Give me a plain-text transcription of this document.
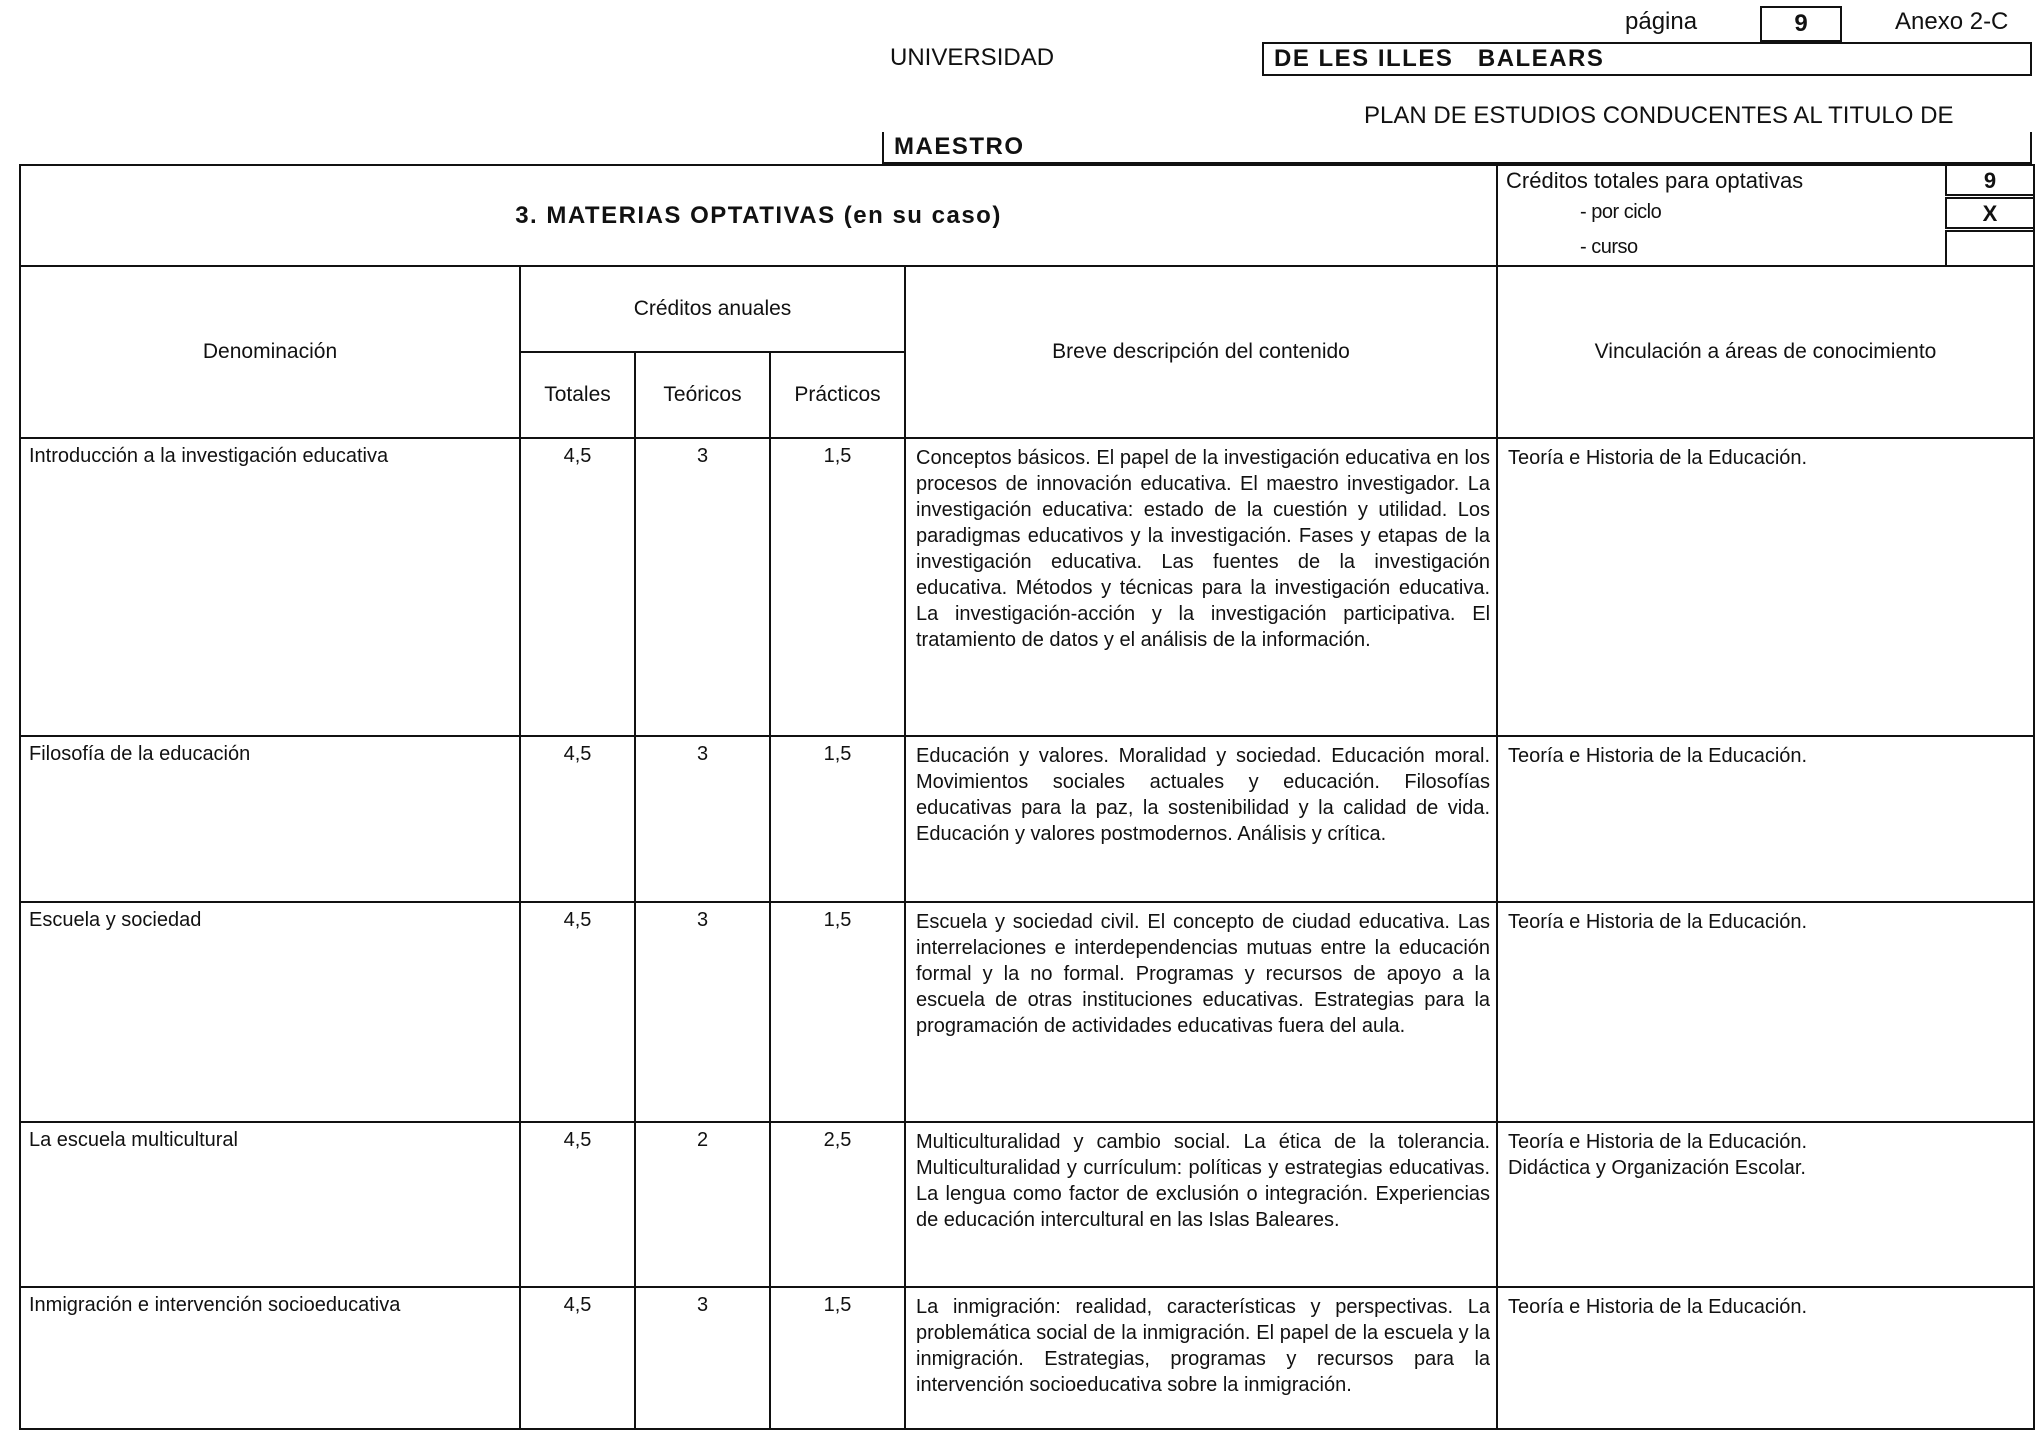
página	9	Anexo 2-C
UNIVERSIDAD	DE LES ILLES   BALEARS
PLAN DE ESTUDIOS CONDUCENTES AL TITULO DE
MAESTRO
3. MATERIAS OPTATIVAS (en su caso)					Créditos totales para optativas 9
- por ciclo X
- curso

Denominación	Créditos anuales			Breve descripción del contenido	Vinculación a áreas de conocimiento
	Totales	Teóricos	Prácticos		
Introducción a la investigación educativa	4,5	3	1,5	Conceptos básicos. El papel de la investigación educativa en los procesos de innovación educativa. El maestro investigador. La investigación educativa: estado de la cuestión y utilidad. Los paradigmas educativos y la investigación. Fases y etapas de la investigación educativa. Las fuentes de la investigación educativa. Métodos y técnicas para la investigación educativa. La investigación-acción y la investigación participativa. El tratamiento de datos y el análisis de la información.	Teoría e Historia de la Educación.

Filosofía de la educación	4,5	3	1,5	Educación y valores. Moralidad y sociedad. Educación moral. Movimientos sociales actuales y educación. Filosofías educativas para la paz, la sostenibilidad y la calidad de vida. Educación y valores postmodernos. Análisis y crítica.	Teoría e Historia de la Educación.

Escuela y sociedad	4,5	3	1,5	Escuela y sociedad civil. El concepto de ciudad educativa. Las interrelaciones e interdependencias mutuas entre la educación formal y la no formal. Programas y recursos de apoyo a la escuela de otras instituciones educativas. Estrategias para la programación de actividades educativas fuera del aula.	Teoría e Historia de la Educación.

La escuela multicultural	4,5	2	2,5	Multiculturalidad y cambio social. La ética de la tolerancia. Multiculturalidad y currículum: políticas y estrategias educativas. La lengua como factor de exclusión o integración. Experiencias de educación intercultural en las Islas Baleares.	Teoría e Historia de la Educación.
Didáctica y Organización Escolar.

Inmigración e intervención socioeducativa	4,5	3	1,5	La inmigración: realidad, características y perspectivas. La problemática social de la inmigración. El papel de la escuela y la inmigración. Estrategias, programas y recursos para la intervención socioeducativa sobre la inmigración.	Teoría e Historia de la Educación.
